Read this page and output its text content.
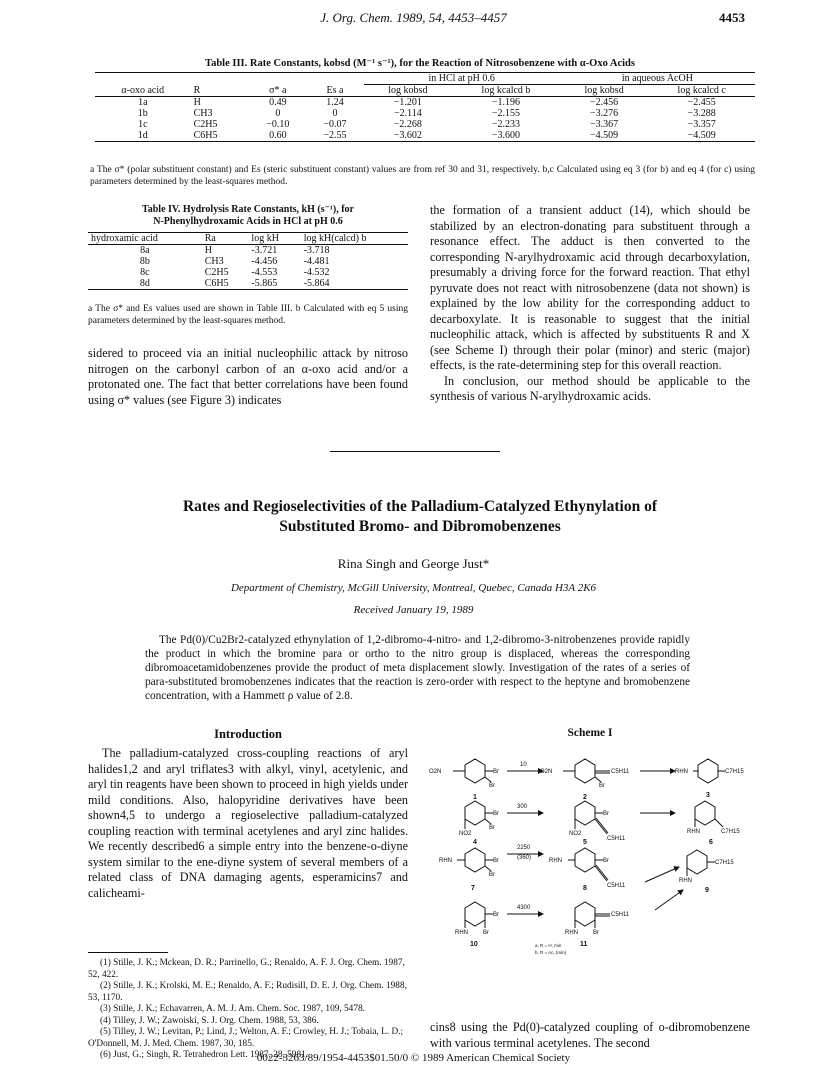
J. Org. Chem. 1989, 54, 4453–4457	4453
Table III. Rate Constants, kobsd (M⁻¹ s⁻¹), for the Reaction of Nitrosobenzene with α-Oxo Acids
				in HCl at pH 0.6		in aqueous AcOH	
α-oxo acid	R	σ* a	Es a	log kobsd	log kcalcd b	log kobsd	log kcalcd c
1a	H	0.49	1.24	−1.201	−1.196	−2.456	−2.455
1b	CH3	0	0	−2.114	−2.155	−3.276	−3.288
1c	C2H5	−0.10	−0.07	−2.268	−2.233	−3.367	−3.357
1d	C6H5	0.60	−2.55	−3.602	−3.600	−4.509	−4.509
a The σ* (polar substituent constant) and Es (steric substituent constant) values are from ref 30 and 31, respectively. b,c Calculated using eq 3 (for b) and eq 4 (for c) using parameters determined by the least-squares method.
Table IV. Hydrolysis Rate Constants, kH (s⁻¹), for
N-Phenylhydroxamic Acids in HCl at pH 0.6
hydroxamic acid	Ra	log kH	log kH(calcd) b
8a	H	-3.721	-3.718
8b	CH3	-4.456	-4.481
8c	C2H5	-4.553	-4.532
8d	C6H5	-5.865	-5.864
a The σ* and Es values used are shown in Table III. b Calculated with eq 5 using parameters determined by the least-squares method.
sidered to proceed via an initial nucleophilic attack by nitroso nitrogen on the carbonyl carbon of an α-oxo acid and/or a protonated one. The fact that better correlations have been found using σ* values (see Figure 3) indicates

the formation of a transient adduct (14), which should be stabilized by an electron-donating para substituent through a resonance effect. The adduct is then converted to the corresponding N-arylhydroxamic acid through decarboxylation, presumably a driving force for the forward reaction. That ethyl pyruvate does not react with nitrosobenzene (data not shown) is explained by the low ability for the corresponding adduct to decarboxylate. It is reasonable to suggest that the initial nucleophilic attack, which is affected by substituents R and X (see Scheme I) through their polar (minor) and steric (major) effects, is the rate-determining step for this overall reaction.

In conclusion, our method should be applicable to the synthesis of various N-arylhydroxamic acids.

Rates and Regioselectivities of the Palladium-Catalyzed Ethynylation of
Substituted Bromo- and Dibromobenzenes
Rina Singh and George Just*
Department of Chemistry, McGill University, Montreal, Quebec, Canada H3A 2K6
Received January 19, 1989
The Pd(0)/Cu2Br2-catalyzed ethynylation of 1,2-dibromo-4-nitro- and 1,2-dibromo-3-nitrobenzenes provide rapidly the product in which the bromine para or ortho to the nitro group is displaced, whereas the corresponding dibromoacetamidobenzenes provide the product of meta displacement slowly. Investigation of the rates of a series of para-substituted bromobenzenes indicates that the reaction is zero-order with respect to the heptyne and bromobenzene concentration, with a Hammett ρ value of 2.8.
Introduction

The palladium-catalyzed cross-coupling reactions of aryl halides1,2 and aryl triflates3 with alkyl, vinyl, acetylenic, and aryl tin reagents have been shown to proceed in high yields under mild conditions. Also, halopyridine derivatives have been shown4,5 to undergo a regioselective palladium-catalyzed coupling reaction with terminal acetylenes and aryl zinc halides. We recently described6 a simple entry into the benzene-o-diyne system similar to the ene-diyne system of several members of a related class of DNA damaging agents, esperamicins7 and calicheami-

Scheme I
O2N	Br
Br
10
O2N	C5H11
Br
RHN	C7H15
Br
Br
NO2
300
Br
NO2
C5H11
RHN	C7H15
RHN	Br
Br
2250
(360)	RHN	Br
C5H11
C7H15
RHN
Br
RHN	Br
4300
C5H11
RHN	Br
a, R = H, min
b, R = Ac, (min)
1	2	3
4	5	6
7	8	9
10	11

(1) Stille, J. K.; Mckean, D. R.; Parrinello, G.; Renaldo, A. F. J. Org. Chem. 1987, 52, 422.

(2) Stille, J. K.; Krolski, M. E.; Renaldo, A. F.; Rudisill, D. E. J. Org. Chem. 1988, 53, 1170.

(3) Stille, J. K.; Echavarren, A. M. J. Am. Chem. Soc. 1987, 109, 5478.

(4) Tilley, J. W.; Zawoiski, S. J. Org. Chem. 1988, 53, 386.

(5) Tilley, J. W.; Levitan, P.; Lind, J.; Welton, A. F.; Crowley, H. J.; Tobaia, L. D.; O'Donnell, M. J. Med. Chem. 1987, 30, 185.

(6) Just, G.; Singh, R. Tetrahedron Lett. 1987, 28, 5981.

cins8 using the Pd(0)-catalyzed coupling of o-dibromobenzene with various terminal acetylenes. The second
0022-3263/89/1954-4453$01.50/0 © 1989 American Chemical Society
